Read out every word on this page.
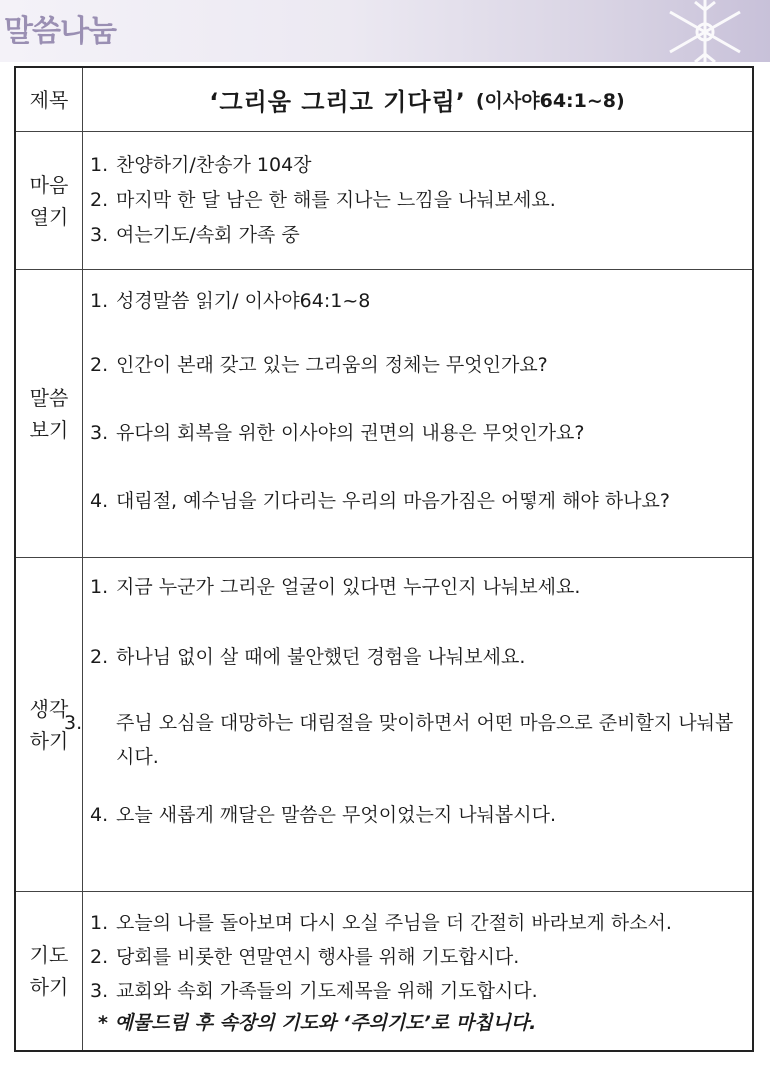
말씀나눔
제목	‘그리움 그리고 기다림’ (이사야64:1~8)
마음
열기
1. 찬양하기/찬송가 104장
2. 마지막 한 달 남은 한 해를 지나는 느낌을 나눠보세요.
3. 여는기도/속회 가족 중
말씀
보기
1. 성경말씀 읽기/ 이사야64:1~8
2. 인간이 본래 갖고 있는 그리움의 정체는 무엇인가요?
3. 유다의 회복을 위한 이사야의 권면의 내용은 무엇인가요?
4. 대림절, 예수님을 기다리는 우리의 마음가짐은 어떻게 해야 하나요?
생각
하기
1. 지금 누군가 그리운 얼굴이 있다면 누구인지 나눠보세요.
2. 하나님 없이 살 때에 불안했던 경험을 나눠보세요.
3. 주님 오심을 대망하는 대림절을 맞이하면서 어떤 마음으로 준비할지 나눠봅시다.
4. 오늘 새롭게 깨달은 말씀은 무엇이었는지 나눠봅시다.
기도
하기
1. 오늘의 나를 돌아보며 다시 오실 주님을 더 간절히 바라보게 하소서.
2. 당회를 비롯한 연말연시 행사를 위해 기도합시다.
3. 교회와 속회 가족들의 기도제목을 위해 기도합시다.
* 예물드림 후 속장의 기도와 ‘주의기도’로 마칩니다.
